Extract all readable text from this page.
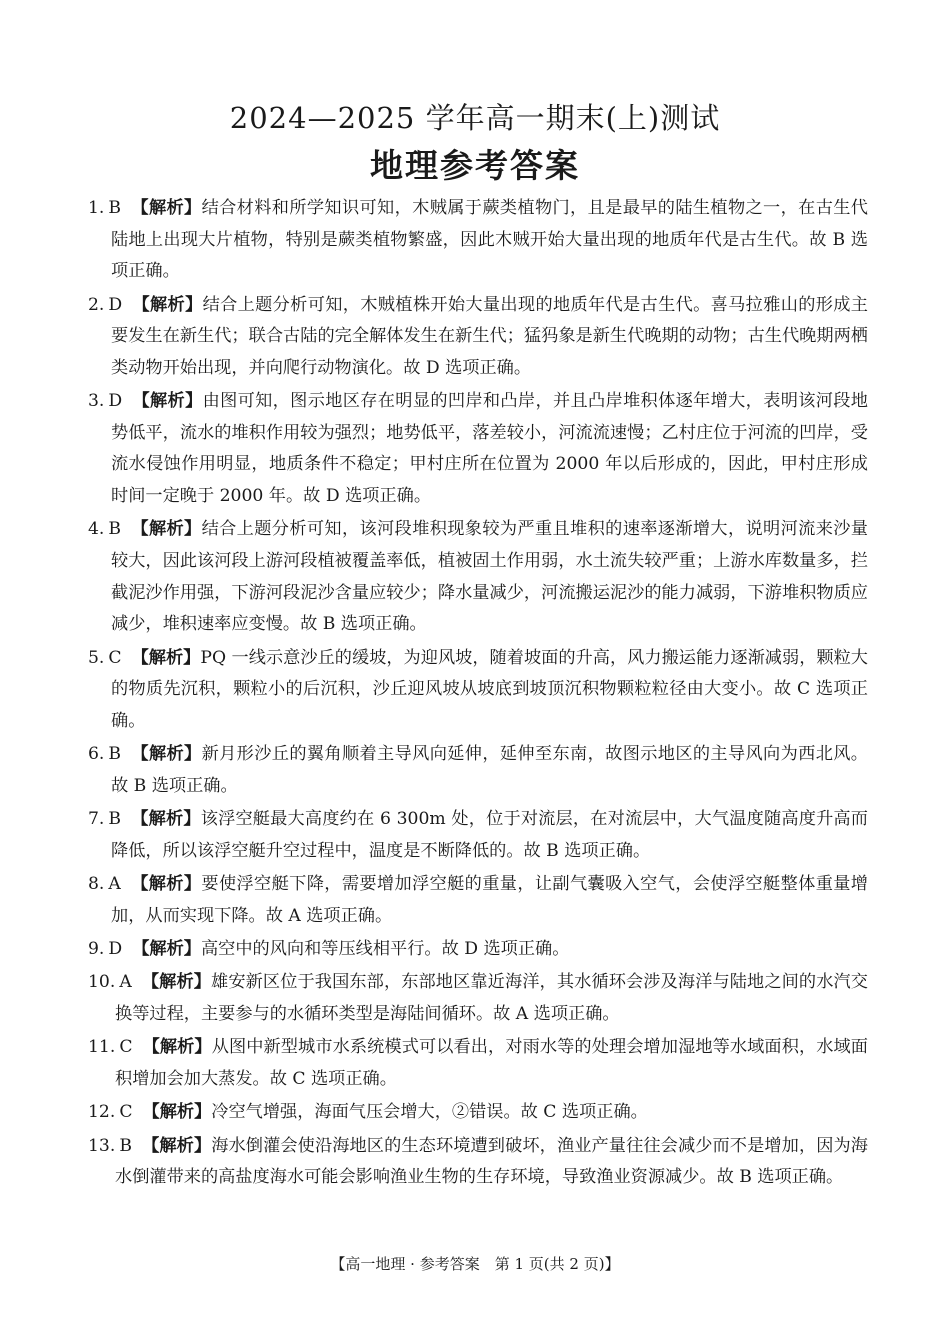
2024—2025 学年高一期末(上)测试
地理参考答案
1. B 【解析】结合材料和所学知识可知，木贼属于蕨类植物门，且是最早的陆生植物之一，在古生代陆地上出现大片植物，特别是蕨类植物繁盛，因此木贼开始大量出现的地质年代是古生代。故 B 选项正确。
2. D 【解析】结合上题分析可知，木贼植株开始大量出现的地质年代是古生代。喜马拉雅山的形成主要发生在新生代；联合古陆的完全解体发生在新生代；猛犸象是新生代晚期的动物；古生代晚期两栖类动物开始出现，并向爬行动物演化。故 D 选项正确。
3. D 【解析】由图可知，图示地区存在明显的凹岸和凸岸，并且凸岸堆积体逐年增大，表明该河段地势低平，流水的堆积作用较为强烈；地势低平，落差较小，河流流速慢；乙村庄位于河流的凹岸，受流水侵蚀作用明显，地质条件不稳定；甲村庄所在位置为 2000 年以后形成的，因此，甲村庄形成时间一定晚于 2000 年。故 D 选项正确。
4. B 【解析】结合上题分析可知，该河段堆积现象较为严重且堆积的速率逐渐增大，说明河流来沙量较大，因此该河段上游河段植被覆盖率低，植被固土作用弱，水土流失较严重；上游水库数量多，拦截泥沙作用强，下游河段泥沙含量应较少；降水量减少，河流搬运泥沙的能力减弱，下游堆积物质应减少，堆积速率应变慢。故 B 选项正确。
5. C 【解析】PQ 一线示意沙丘的缓坡，为迎风坡，随着坡面的升高，风力搬运能力逐渐减弱，颗粒大的物质先沉积，颗粒小的后沉积，沙丘迎风坡从坡底到坡顶沉积物颗粒粒径由大变小。故 C 选项正确。
6. B 【解析】新月形沙丘的翼角顺着主导风向延伸，延伸至东南，故图示地区的主导风向为西北风。故 B 选项正确。
7. B 【解析】该浮空艇最大高度约在 6 300m 处，位于对流层，在对流层中，大气温度随高度升高而降低，所以该浮空艇升空过程中，温度是不断降低的。故 B 选项正确。
8. A 【解析】要使浮空艇下降，需要增加浮空艇的重量，让副气囊吸入空气，会使浮空艇整体重量增加，从而实现下降。故 A 选项正确。
9. D 【解析】高空中的风向和等压线相平行。故 D 选项正确。
10. A 【解析】雄安新区位于我国东部，东部地区靠近海洋，其水循环会涉及海洋与陆地之间的水汽交换等过程，主要参与的水循环类型是海陆间循环。故 A 选项正确。
11. C 【解析】从图中新型城市水系统模式可以看出，对雨水等的处理会增加湿地等水域面积，水域面积增加会加大蒸发。故 C 选项正确。
12. C 【解析】冷空气增强，海面气压会增大，②错误。故 C 选项正确。
13. B 【解析】海水倒灌会使沿海地区的生态环境遭到破坏，渔业产量往往会减少而不是增加，因为海水倒灌带来的高盐度海水可能会影响渔业生物的生存环境，导致渔业资源减少。故 B 选项正确。
【高一地理 · 参考答案　第 1 页(共 2 页)】
